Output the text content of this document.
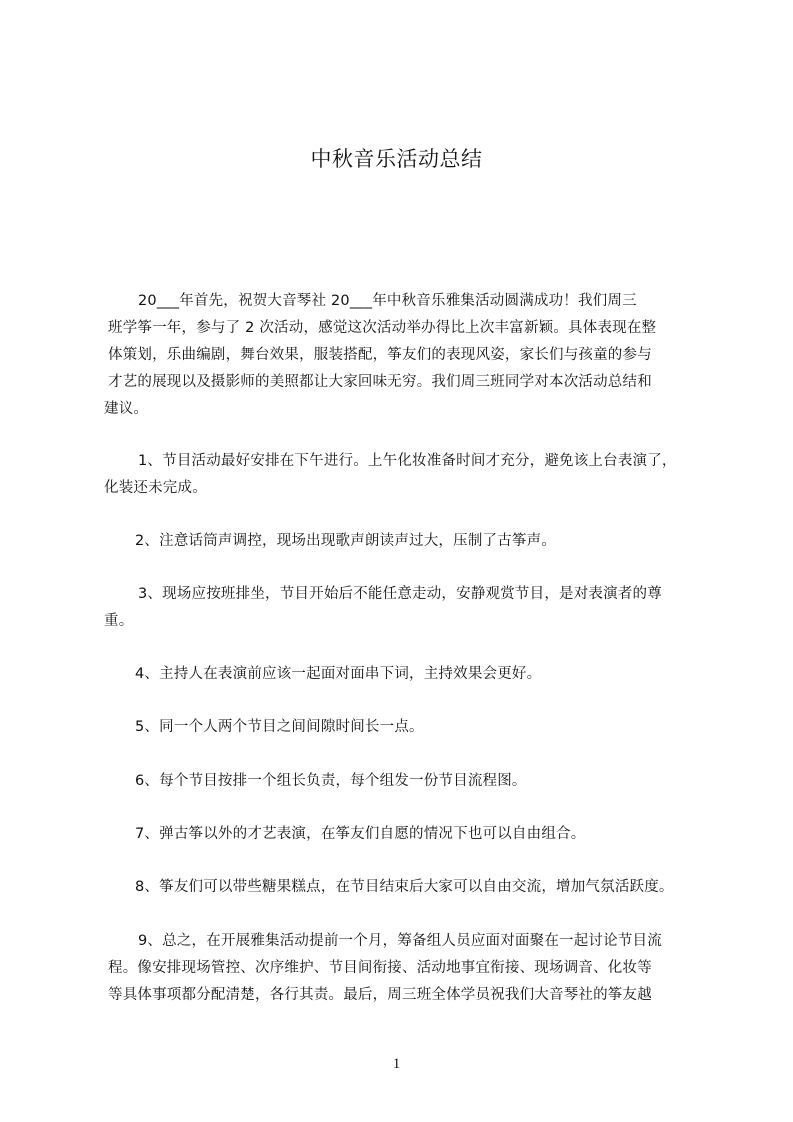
中秋音乐活动总结
20___年首先，祝贺大音琴社 20___年中秋音乐雅集活动圆满成功！我们周三
班学筝一年，参与了 2 次活动，感觉这次活动举办得比上次丰富新颖。具体表现在整
体策划，乐曲编剧，舞台效果，服装搭配，筝友们的表现风姿，家长们与孩童的参与
才艺的展现以及摄影师的美照都让大家回味无穷。我们周三班同学对本次活动总结和
建议。
1、节目活动最好安排在下午进行。上午化妆准备时间才充分，避免该上台表演了，
化装还未完成。
2、注意话筒声调控，现场出现歌声朗读声过大，压制了古筝声。
3、现场应按班排坐，节目开始后不能任意走动，安静观赏节目，是对表演者的尊
重。
4、主持人在表演前应该一起面对面串下词，主持效果会更好。
5、同一个人两个节目之间间隙时间长一点。
6、每个节目按排一个组长负责，每个组发一份节目流程图。
7、弹古筝以外的才艺表演，在筝友们自愿的情况下也可以自由组合。
8、筝友们可以带些糖果糕点，在节目结束后大家可以自由交流，增加气氛活跃度。
9、总之，在开展雅集活动提前一个月，筹备组人员应面对面聚在一起讨论节目流
程。像安排现场管控、次序维护、节目间衔接、活动地事宜衔接、现场调音、化妆等
等具体事项都分配清楚，各行其责。最后，周三班全体学员祝我们大音琴社的筝友越
1
